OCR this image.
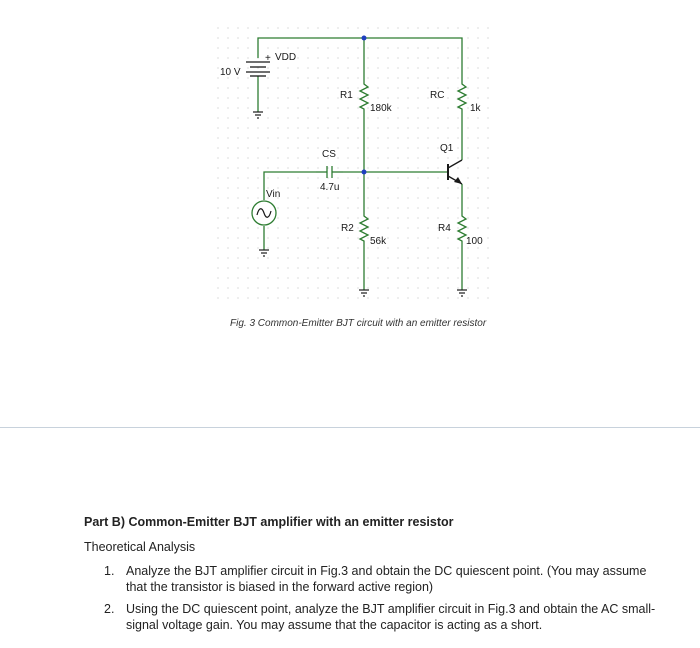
+ VDD
10 V
R1
180k
RC
1k
Q1
CS
4.7u
Vin
R2
56k
R4
100
Fig. 3 Common-Emitter BJT circuit with an emitter resistor
Part B) Common-Emitter BJT amplifier with an emitter resistor
Theoretical Analysis
1. Analyze the BJT amplifier circuit in Fig.3 and obtain the DC quiescent point. (You may assume that the transistor is biased in the forward active region)
2. Using the DC quiescent point, analyze the BJT amplifier circuit in Fig.3 and obtain the AC small-signal voltage gain. You may assume that the capacitor is acting as a short.
